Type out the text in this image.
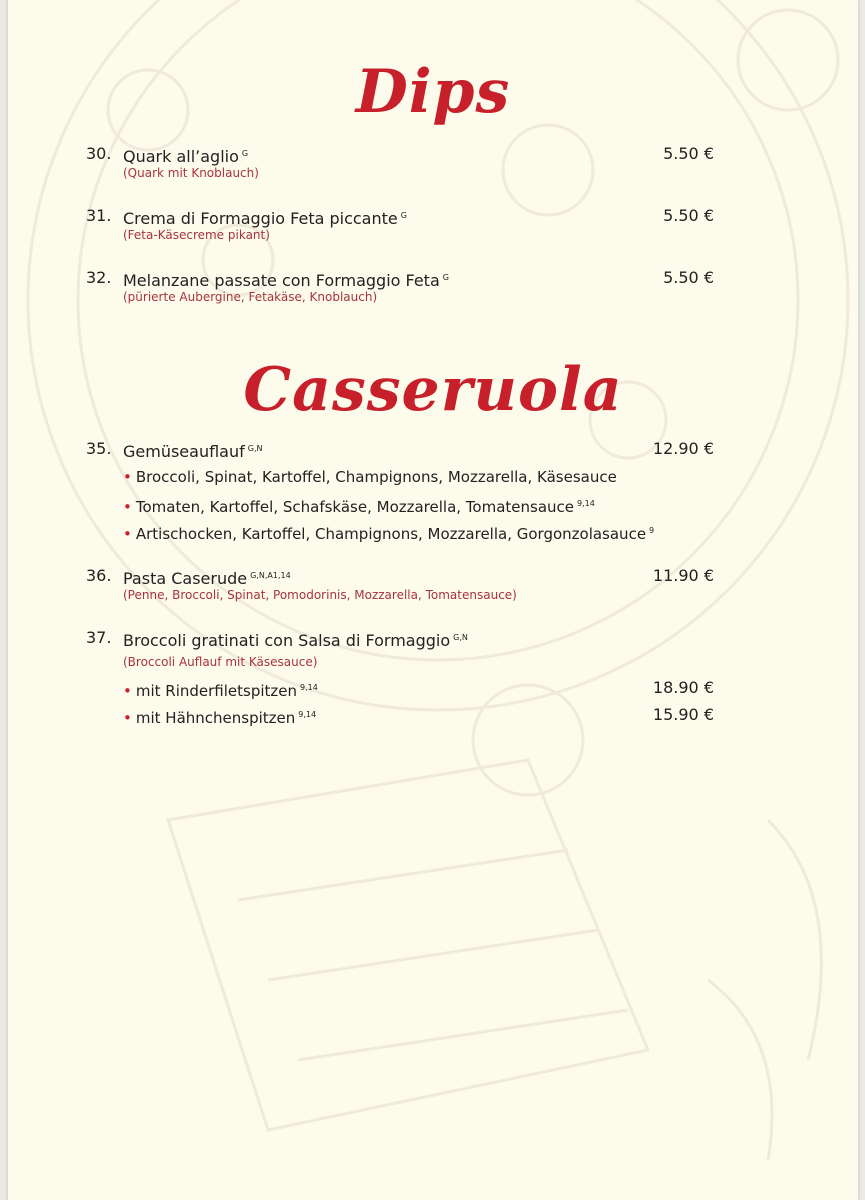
Dips
30. Quark all’aglio $^G$	5.50 €
(Quark mit Knoblauch)
31. Crema di Formaggio Feta piccante $^G$	5.50 €
(Feta-Käsecreme pikant)
32. Melanzane passate con Formaggio Feta $^G$	5.50 €
(pürierte Aubergine, Fetakäse, Knoblauch)
Casseruola
35. Gemüseauflauf $^{G,N}$	12.90 €
• Broccoli, Spinat, Kartoffel, Champignons, Mozzarella, Käsesauce
• Tomaten, Kartoffel, Schafskäse, Mozzarella, Tomatensauce $^{9,14}$
• Artischocken, Kartoffel, Champignons, Mozzarella, Gorgonzolasauce $^9$
36. Pasta Caserude $^{G,N,A1,14}$	11.90 €
(Penne, Broccoli, Spinat, Pomodorinis, Mozzarella, Tomatensauce)
37. Broccoli gratinati con Salsa di Formaggio $^{G,N}$
(Broccoli Auflauf mit Käsesauce)
• mit Rinderfiletspitzen $^{9,14}$	18.90 €
• mit Hähnchenspitzen $^{9,14}$	15.90 €
